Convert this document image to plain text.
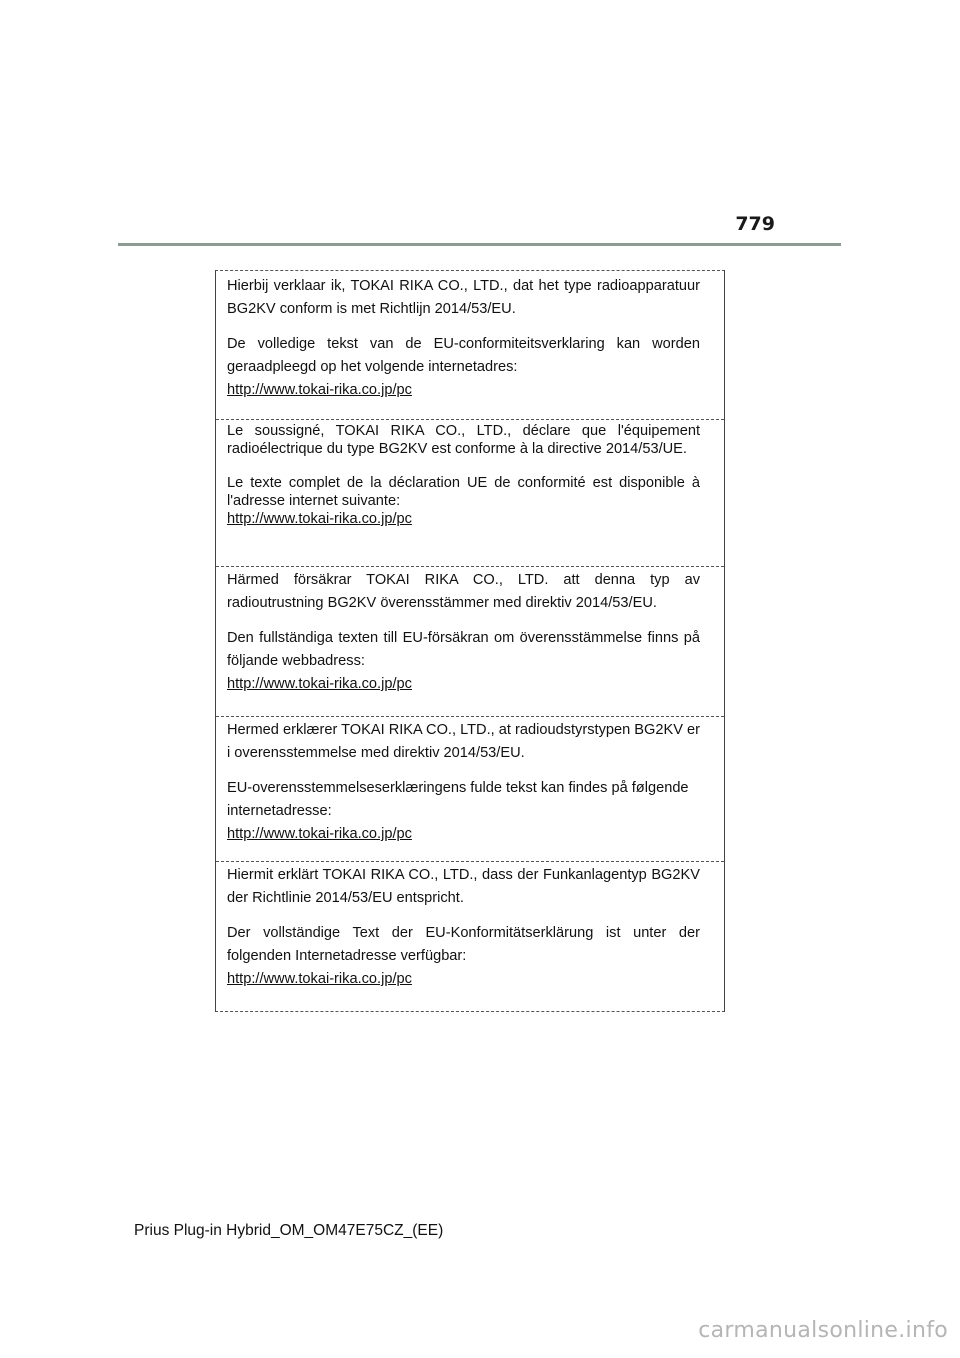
779

Hierbij verklaar ik, TOKAI RIKA CO., LTD., dat het type radioapparatuur BG2KV conform is met Richtlijn 2014/53/EU.

De volledige tekst van de EU-conformiteitsverklaring kan worden geraadpleegd op het volgende internetadres:
http://www.tokai-rika.co.jp/pc

Le soussigné, TOKAI RIKA CO., LTD., déclare que l'équipement radioélectrique du type BG2KV est conforme à la directive 2014/53/UE.

Le texte complet de la déclaration UE de conformité est disponible à l'adresse internet suivante:
http://www.tokai-rika.co.jp/pc

Härmed försäkrar TOKAI RIKA CO., LTD. att denna typ av radioutrustning BG2KV överensstämmer med direktiv 2014/53/EU.

Den fullständiga texten till EU-försäkran om överensstämmelse finns på följande webbadress:
http://www.tokai-rika.co.jp/pc

Hermed erklærer TOKAI RIKA CO., LTD., at radioudstyrstypen BG2KV er i overensstemmelse med direktiv 2014/53/EU.

EU-overensstemmelseserklæringens fulde tekst kan findes på følgende internetadresse:
http://www.tokai-rika.co.jp/pc

Hiermit erklärt TOKAI RIKA CO., LTD., dass der Funkanlagentyp BG2KV der Richtlinie 2014/53/EU entspricht.

Der vollständige Text der EU-Konformitätserklärung ist unter der folgenden Internetadresse verfügbar:
http://www.tokai-rika.co.jp/pc

Prius Plug-in Hybrid_OM_OM47E75CZ_(EE)
carmanualsonline.info
